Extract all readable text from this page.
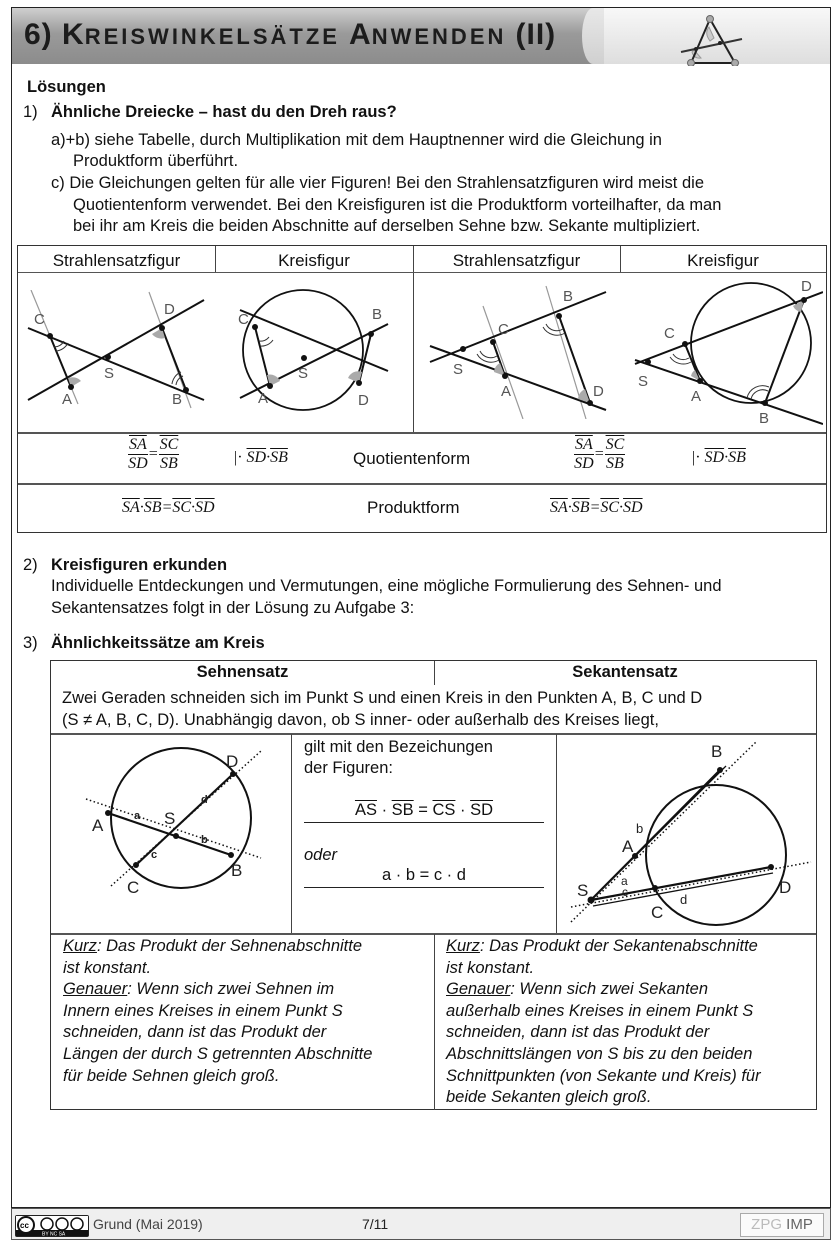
6) KREISWINKELSÄTZE ANWENDEN (II)
Lösungen
1) Ähnliche Dreiecke – hast du den Dreh raus?
a)+b) siehe Tabelle, durch Multiplikation mit dem Hauptnenner wird die Gleichung in
Produktform überführt.
c) Die Gleichungen gelten für alle vier Figuren! Bei den Strahlensatzfiguren wird meist die
Quotientenform verwendet. Bei den Kreisfiguren ist die Produktform vorteilhafter, da man
bei ihr am Kreis die beiden Abschnitte auf derselben Sehne bzw. Sekante multipliziert.
Strahlensatzfigur	Kreisfigur	Strahlensatzfigur	Kreisfigur
C
D
S
A	B
C	B
S
A	D
S
C
A
B
D
S
C
A
B
D
$\frac{\overline{SA}}{SD} = \frac{\overline{SC}}{SB}$	|· $\overline{SD}\cdot\overline{SB}$	Quotientenform	$\frac{\overline{SA}}{SD} = \frac{\overline{SC}}{SB}$	|· $\overline{SD}\cdot\overline{SB}$
$\overline{SA}\cdot\overline{SB}=\overline{SC}\cdot\overline{SD}$	Produktform	$\overline{SA}\cdot\overline{SB}=\overline{SC}\cdot\overline{SD}$
2) Kreisfiguren erkunden
Individuelle Entdeckungen und Vermutungen, eine mögliche Formulierung des Sehnen- und
Sekantensatzes folgt in der Lösung zu Aufgabe 3:
3) Ähnlichkeitssätze am Kreis
Sehnensatz	Sekantensatz
Zwei Geraden schneiden sich im Punkt S und einen Kreis in den Punkten A, B, C und D
(S ≠ A, B, C, D). Unabhängig davon, ob S inner- oder außerhalb des Kreises liegt,
A
B
C
D
S
a
b
c
d
gilt mit den Bezeichungen
der Figuren:
$\overline{AS} \cdot \overline{SB} = \overline{CS} \cdot \overline{SD}$
oder
a · b = c · d
B
A
S	D
C
b
a
c	d
Kurz: Das Produkt der Sehnenabschnitte
ist konstant.
Genauer: Wenn sich zwei Sehnen im
Innern eines Kreises in einem Punkt S
schneiden, dann ist das Produkt der
Längen der durch S getrennten Abschnitte
für beide Sehnen gleich groß.
Kurz: Das Produkt der Sekantenabschnitte
ist konstant.
Genauer: Wenn sich zwei Sekanten
außerhalb eines Kreises in einem Punkt S
schneiden, dann ist das Produkt der
Abschnittslängen von S bis zu den beiden
Schnittpunkten (von Sekante und Kreis) für
beide Sekanten gleich groß.
cc
BY NC SA
Grund (Mai 2019)	7/11	ZPG IMP
